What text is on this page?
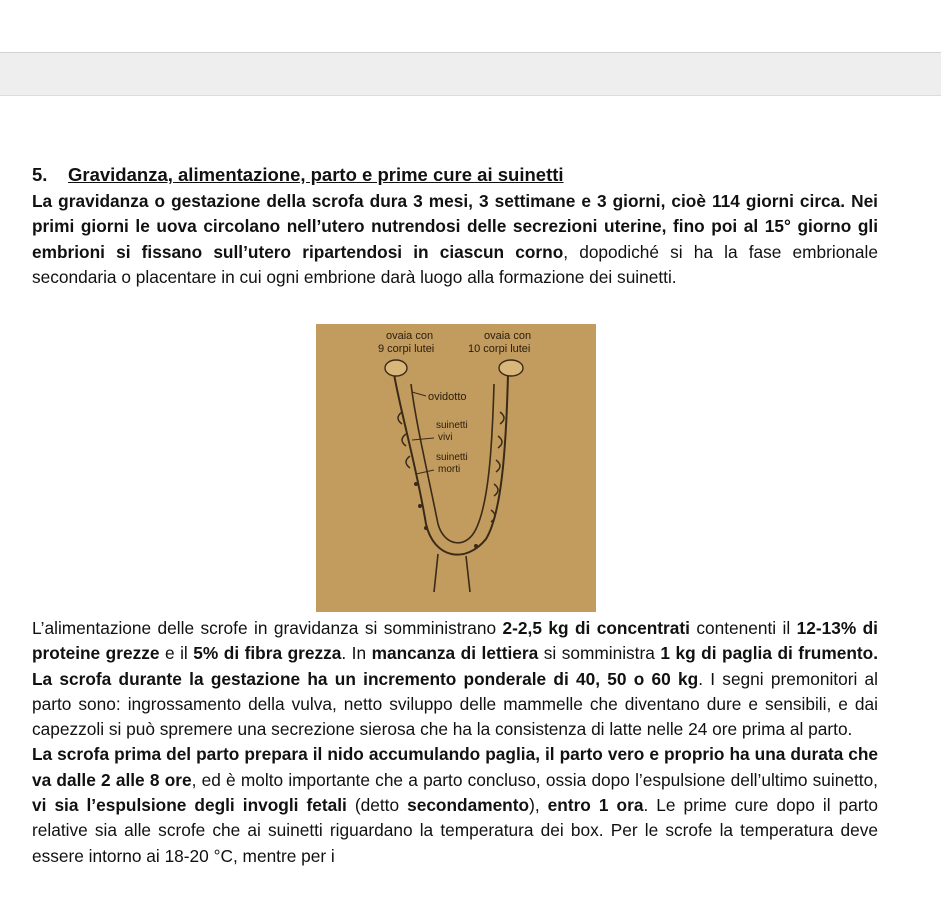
5. Gravidanza, alimentazione, parto e prime cure ai suinetti

La gravidanza o gestazione della scrofa dura 3 mesi, 3 settimane e 3 giorni, cioè 114 giorni circa. Nei primi giorni le uova circolano nell’utero nutrendosi delle secrezioni uterine, fino poi al 15° giorno gli embrioni si fissano sull’utero ripartendosi in ciascun corno, dopodiché si ha la fase embrionale secondaria o placentare in cui ogni embrione darà luogo alla formazione dei suinetti.

ovaia con
9 corpi lutei
ovaia con
10 corpi lutei
ovidotto
suinetti
vivi
suinetti
morti

L’alimentazione delle scrofe in gravidanza si somministrano 2-2,5 kg di concentrati contenenti il 12-13% di proteine grezze e il 5% di fibra grezza. In mancanza di lettiera si somministra 1 kg di paglia di frumento. La scrofa durante la gestazione ha un incremento ponderale di 40, 50 o 60 kg. I segni premonitori al parto sono: ingrossamento della vulva, netto sviluppo delle mammelle che diventano dure e sensibili, e dai capezzoli si può spremere una secrezione sierosa che ha la consistenza di latte nelle 24 ore prima al parto.

La scrofa prima del parto prepara il nido accumulando paglia, il parto vero e proprio ha una durata che va dalle 2 alle 8 ore, ed è molto importante che a parto concluso, ossia dopo l’espulsione dell’ultimo suinetto, vi sia l’espulsione degli invogli fetali (detto secondamento), entro 1 ora. Le prime cure dopo il parto relative sia alle scrofe che ai suinetti riguardano la temperatura dei box. Per le scrofe la temperatura deve essere intorno ai 18-20 °C, mentre per i
